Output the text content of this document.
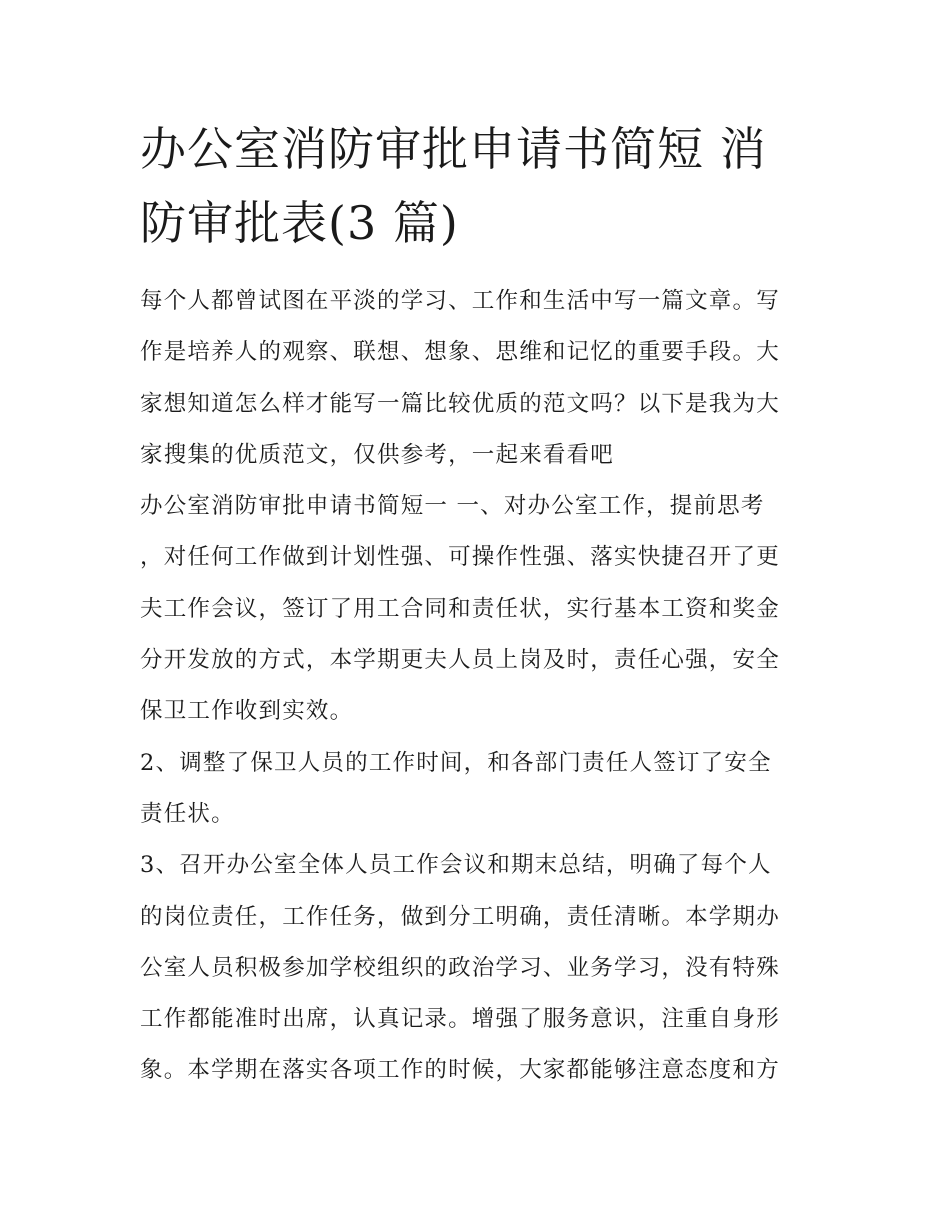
办公室消防审批申请书简短 消
防审批表(3 篇)
每个人都曾试图在平淡的学习、工作和生活中写一篇文章。写
作是培养人的观察、联想、想象、思维和记忆的重要手段。大
家想知道怎么样才能写一篇比较优质的范文吗？以下是我为大
家搜集的优质范文，仅供参考，一起来看看吧
办公室消防审批申请书简短一 一、对办公室工作，提前思考
，对任何工作做到计划性强、可操作性强、落实快捷召开了更
夫工作会议，签订了用工合同和责任状，实行基本工资和奖金
分开发放的方式，本学期更夫人员上岗及时，责任心强，安全
保卫工作收到实效。
2、调整了保卫人员的工作时间，和各部门责任人签订了安全
责任状。
3、召开办公室全体人员工作会议和期末总结，明确了每个人
的岗位责任，工作任务，做到分工明确，责任清晰。本学期办
公室人员积极参加学校组织的政治学习、业务学习，没有特殊
工作都能准时出席，认真记录。增强了服务意识，注重自身形
象。本学期在落实各项工作的时候，大家都能够注意态度和方
